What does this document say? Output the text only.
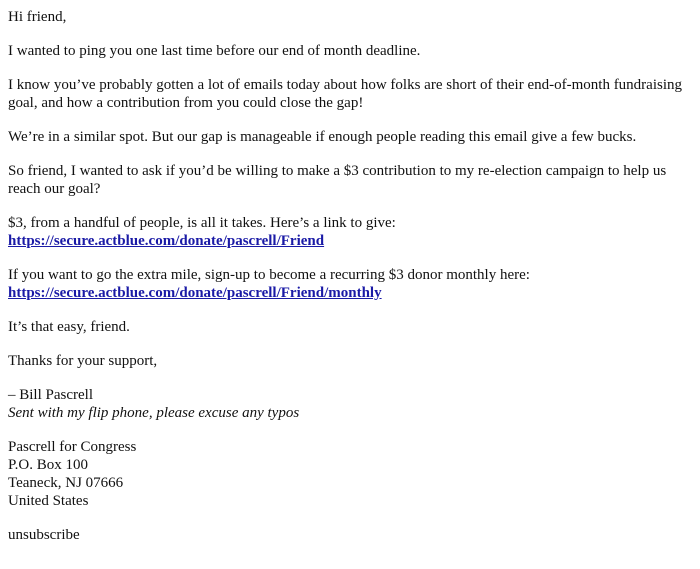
Hi friend,

I wanted to ping you one last time before our end of month deadline.

I know you’ve probably gotten a lot of emails today about how folks are short of their end-of-month fundraising goal, and how a contribution from you could close the gap!

We’re in a similar spot. But our gap is manageable if enough people reading this email give a few bucks.

So friend, I wanted to ask if you’d be willing to make a $3 contribution to my re-election campaign to help us reach our goal?

$3, from a handful of people, is all it takes. Here’s a link to give:
https://secure.actblue.com/donate/pascrell/Friend

If you want to go the extra mile, sign-up to become a recurring $3 donor monthly here:
https://secure.actblue.com/donate/pascrell/Friend/monthly

It’s that easy, friend.

Thanks for your support,

– Bill Pascrell
Sent with my flip phone, please excuse any typos

Pascrell for Congress
P.O. Box 100
Teaneck, NJ 07666
United States

unsubscribe
